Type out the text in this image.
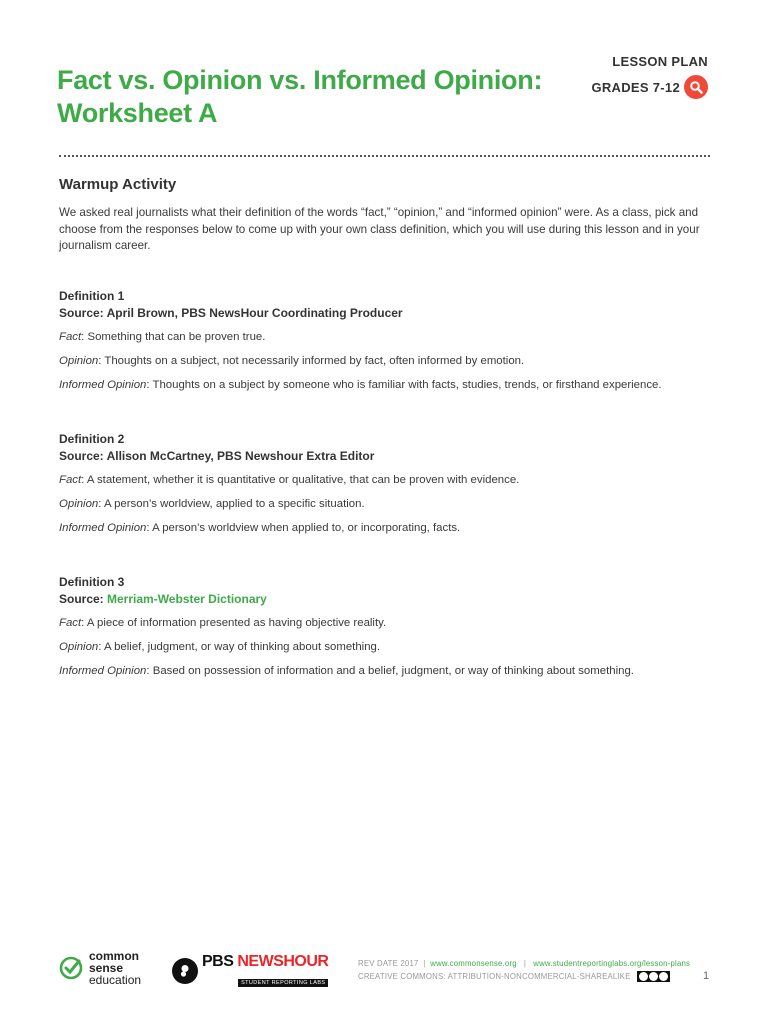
Fact vs. Opinion vs. Informed Opinion:
Worksheet A
LESSON PLAN
GRADES 7-12
Warmup Activity
We asked real journalists what their definition of the words “fact,” “opinion,” and “informed opinion” were. As a class, pick and choose from the responses below to come up with your own class definition, which you will use during this lesson and in your journalism career.
Definition 1
Source: April Brown, PBS NewsHour Coordinating Producer
Fact: Something that can be proven true.
Opinion: Thoughts on a subject, not necessarily informed by fact, often informed by emotion.
Informed Opinion: Thoughts on a subject by someone who is familiar with facts, studies, trends, or firsthand experience.
Definition 2
Source: Allison McCartney, PBS Newshour Extra Editor
Fact: A statement, whether it is quantitative or qualitative, that can be proven with evidence.
Opinion: A person’s worldview, applied to a specific situation.
Informed Opinion: A person’s worldview when applied to, or incorporating, facts.
Definition 3
Source: Merriam-Webster Dictionary
Fact: A piece of information presented as having objective reality.
Opinion: A belief, judgment, or way of thinking about something.
Informed Opinion: Based on possession of information and a belief, judgment, or way of thinking about something.
common
sense
education
PBS NEWSHOUR
STUDENT REPORTING LABS
REV DATE 2017 | www.commonsense.org | www.studentreportinglabs.org/lesson-plans
CREATIVE COMMONS: ATTRIBUTION-NONCOMMERCIAL-SHAREALIKE	1
